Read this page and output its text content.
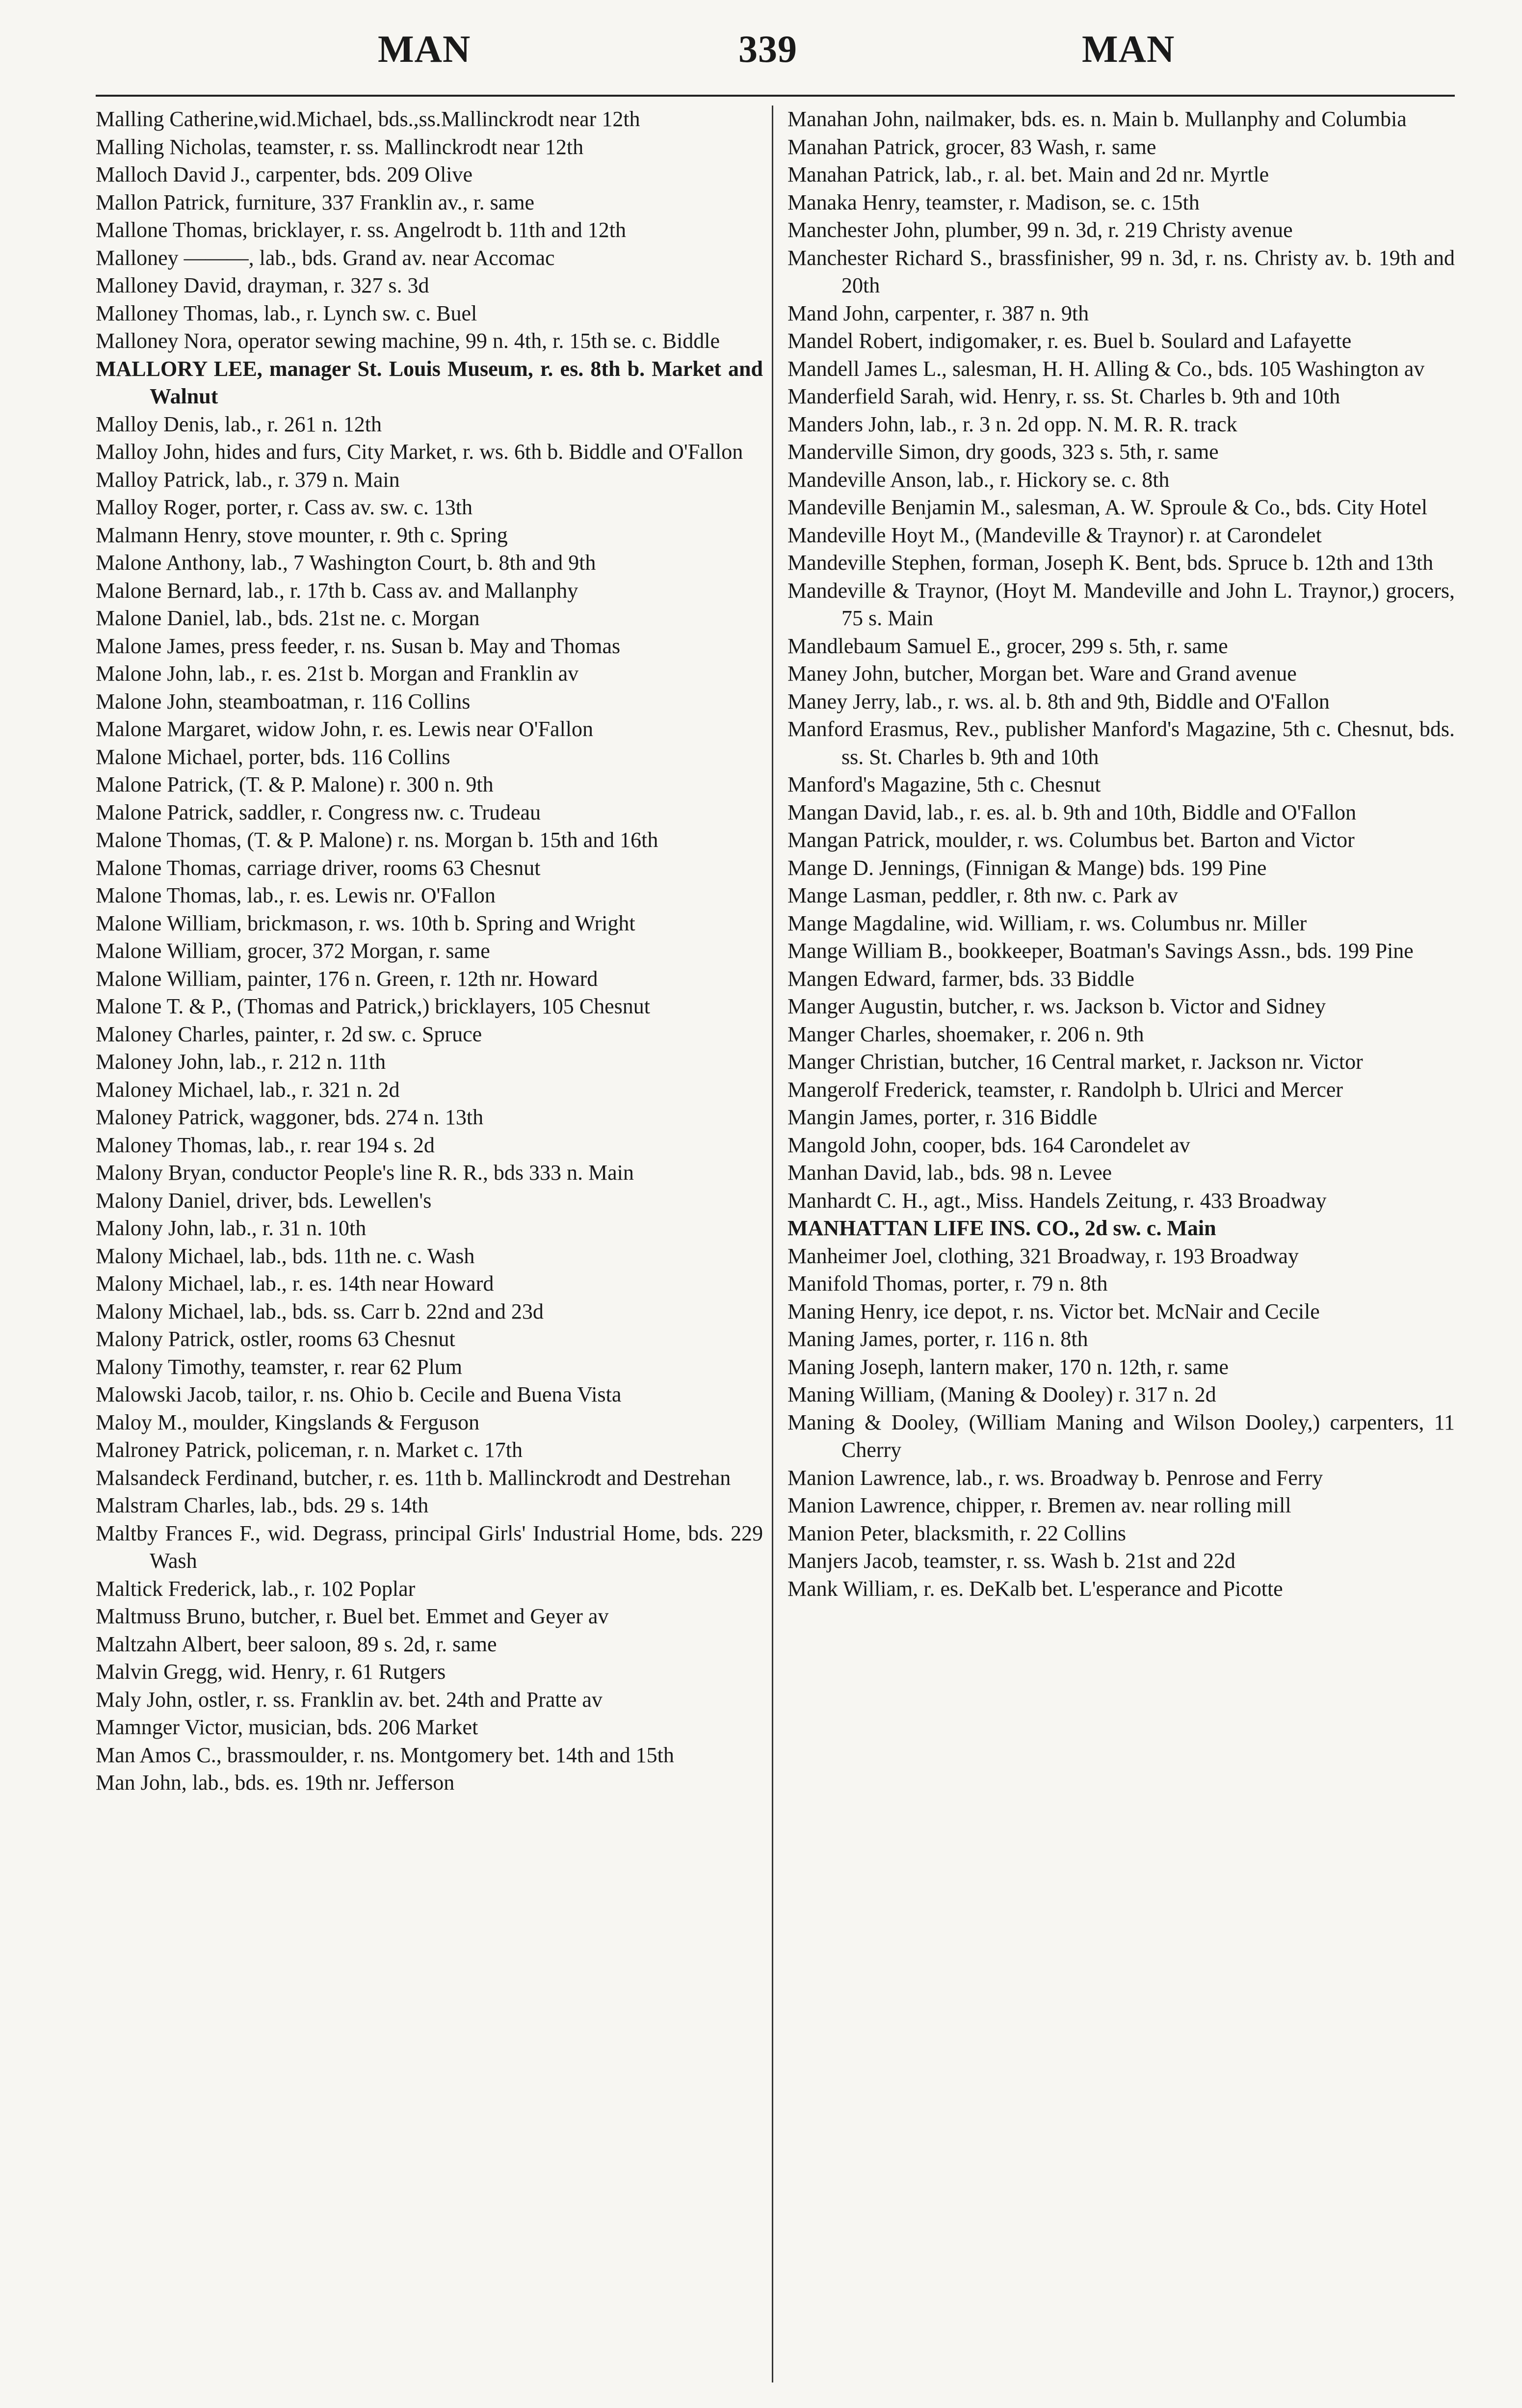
MAN	339	MAN

Malling Catherine,wid.Michael, bds.,ss.Mallinckrodt near 12th

Malling Nicholas, teamster, r. ss. Mallinckrodt near 12th

Malloch David J., carpenter, bds. 209 Olive

Mallon Patrick, furniture, 337 Franklin av., r. same

Mallone Thomas, bricklayer, r. ss. Angelrodt b. 11th and 12th

Malloney ———, lab., bds. Grand av. near Accomac

Malloney David, drayman, r. 327 s. 3d

Malloney Thomas, lab., r. Lynch sw. c. Buel

Malloney Nora, operator sewing machine, 99 n. 4th, r. 15th se. c. Biddle

MALLORY LEE, manager St. Louis Museum, r. es. 8th b. Market and Walnut

Malloy Denis, lab., r. 261 n. 12th

Malloy John, hides and furs, City Market, r. ws. 6th b. Biddle and O'Fallon

Malloy Patrick, lab., r. 379 n. Main

Malloy Roger, porter, r. Cass av. sw. c. 13th

Malmann Henry, stove mounter, r. 9th c. Spring

Malone Anthony, lab., 7 Washington Court, b. 8th and 9th

Malone Bernard, lab., r. 17th b. Cass av. and Mallanphy

Malone Daniel, lab., bds. 21st ne. c. Morgan

Malone James, press feeder, r. ns. Susan b. May and Thomas

Malone John, lab., r. es. 21st b. Morgan and Franklin av

Malone John, steamboatman, r. 116 Collins

Malone Margaret, widow John, r. es. Lewis near O'Fallon

Malone Michael, porter, bds. 116 Collins

Malone Patrick, (T. & P. Malone) r. 300 n. 9th

Malone Patrick, saddler, r. Congress nw. c. Trudeau

Malone Thomas, (T. & P. Malone) r. ns. Morgan b. 15th and 16th

Malone Thomas, carriage driver, rooms 63 Chesnut

Malone Thomas, lab., r. es. Lewis nr. O'Fallon

Malone William, brickmason, r. ws. 10th b. Spring and Wright

Malone William, grocer, 372 Morgan, r. same

Malone William, painter, 176 n. Green, r. 12th nr. Howard

Malone T. & P., (Thomas and Patrick,) bricklayers, 105 Chesnut

Maloney Charles, painter, r. 2d sw. c. Spruce

Maloney John, lab., r. 212 n. 11th

Maloney Michael, lab., r. 321 n. 2d

Maloney Patrick, waggoner, bds. 274 n. 13th

Maloney Thomas, lab., r. rear 194 s. 2d

Malony Bryan, conductor People's line R. R., bds 333 n. Main

Malony Daniel, driver, bds. Lewellen's

Malony John, lab., r. 31 n. 10th

Malony Michael, lab., bds. 11th ne. c. Wash

Malony Michael, lab., r. es. 14th near Howard

Malony Michael, lab., bds. ss. Carr b. 22nd and 23d

Malony Patrick, ostler, rooms 63 Chesnut

Malony Timothy, teamster, r. rear 62 Plum

Malowski Jacob, tailor, r. ns. Ohio b. Cecile and Buena Vista

Maloy M., moulder, Kingslands & Ferguson

Malroney Patrick, policeman, r. n. Market c. 17th

Malsandeck Ferdinand, butcher, r. es. 11th b. Mallinckrodt and Destrehan

Malstram Charles, lab., bds. 29 s. 14th

Maltby Frances F., wid. Degrass, principal Girls' Industrial Home, bds. 229 Wash

Maltick Frederick, lab., r. 102 Poplar

Maltmuss Bruno, butcher, r. Buel bet. Emmet and Geyer av

Maltzahn Albert, beer saloon, 89 s. 2d, r. same

Malvin Gregg, wid. Henry, r. 61 Rutgers

Maly John, ostler, r. ss. Franklin av. bet. 24th and Pratte av

Mamnger Victor, musician, bds. 206 Market

Man Amos C., brassmoulder, r. ns. Montgomery bet. 14th and 15th

Man John, lab., bds. es. 19th nr. Jefferson

Manahan John, nailmaker, bds. es. n. Main b. Mullanphy and Columbia

Manahan Patrick, grocer, 83 Wash, r. same

Manahan Patrick, lab., r. al. bet. Main and 2d nr. Myrtle

Manaka Henry, teamster, r. Madison, se. c. 15th

Manchester John, plumber, 99 n. 3d, r. 219 Christy avenue

Manchester Richard S., brassfinisher, 99 n. 3d, r. ns. Christy av. b. 19th and 20th

Mand John, carpenter, r. 387 n. 9th

Mandel Robert, indigomaker, r. es. Buel b. Soulard and Lafayette

Mandell James L., salesman, H. H. Alling & Co., bds. 105 Washington av

Manderfield Sarah, wid. Henry, r. ss. St. Charles b. 9th and 10th

Manders John, lab., r. 3 n. 2d opp. N. M. R. R. track

Manderville Simon, dry goods, 323 s. 5th, r. same

Mandeville Anson, lab., r. Hickory se. c. 8th

Mandeville Benjamin M., salesman, A. W. Sproule & Co., bds. City Hotel

Mandeville Hoyt M., (Mandeville & Traynor) r. at Carondelet

Mandeville Stephen, forman, Joseph K. Bent, bds. Spruce b. 12th and 13th

Mandeville & Traynor, (Hoyt M. Mandeville and John L. Traynor,) grocers, 75 s. Main

Mandlebaum Samuel E., grocer, 299 s. 5th, r. same

Maney John, butcher, Morgan bet. Ware and Grand avenue

Maney Jerry, lab., r. ws. al. b. 8th and 9th, Biddle and O'Fallon

Manford Erasmus, Rev., publisher Manford's Magazine, 5th c. Chesnut, bds. ss. St. Charles b. 9th and 10th

Manford's Magazine, 5th c. Chesnut

Mangan David, lab., r. es. al. b. 9th and 10th, Biddle and O'Fallon

Mangan Patrick, moulder, r. ws. Columbus bet. Barton and Victor

Mange D. Jennings, (Finnigan & Mange) bds. 199 Pine

Mange Lasman, peddler, r. 8th nw. c. Park av

Mange Magdaline, wid. William, r. ws. Columbus nr. Miller

Mange William B., bookkeeper, Boatman's Savings Assn., bds. 199 Pine

Mangen Edward, farmer, bds. 33 Biddle

Manger Augustin, butcher, r. ws. Jackson b. Victor and Sidney

Manger Charles, shoemaker, r. 206 n. 9th

Manger Christian, butcher, 16 Central market, r. Jackson nr. Victor

Mangerolf Frederick, teamster, r. Randolph b. Ulrici and Mercer

Mangin James, porter, r. 316 Biddle

Mangold John, cooper, bds. 164 Carondelet av

Manhan David, lab., bds. 98 n. Levee

Manhardt C. H., agt., Miss. Handels Zeitung, r. 433 Broadway

MANHATTAN LIFE INS. CO., 2d sw. c. Main

Manheimer Joel, clothing, 321 Broadway, r. 193 Broadway

Manifold Thomas, porter, r. 79 n. 8th

Maning Henry, ice depot, r. ns. Victor bet. McNair and Cecile

Maning James, porter, r. 116 n. 8th

Maning Joseph, lantern maker, 170 n. 12th, r. same

Maning William, (Maning & Dooley) r. 317 n. 2d

Maning & Dooley, (William Maning and Wilson Dooley,) carpenters, 11 Cherry

Manion Lawrence, lab., r. ws. Broadway b. Penrose and Ferry

Manion Lawrence, chipper, r. Bremen av. near rolling mill

Manion Peter, blacksmith, r. 22 Collins

Manjers Jacob, teamster, r. ss. Wash b. 21st and 22d

Mank William, r. es. DeKalb bet. L'esperance and Picotte
